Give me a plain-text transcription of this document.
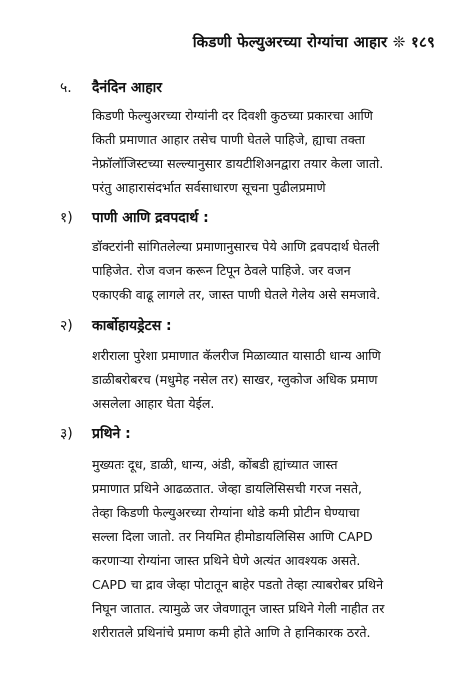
किडणी फेल्युअरच्या रोग्यांचा आहार ❊ १८९
५. दैनंदिन आहार
किडणी फेल्युअरच्या रोग्यांनी दर दिवशी कुठच्या प्रकारचा आणि
किती प्रमाणात आहार तसेच पाणी घेतले पाहिजे, ह्याचा तक्ता
नेफ्रॉलॉजिस्टच्या सल्ल्यानुसार डायटीशिअनद्वारा तयार केला जातो.
परंतु आहारासंदर्भात सर्वसाधारण सूचना पुढीलप्रमाणे
१) पाणी आणि द्रवपदार्थ :
डॉक्टरांनी सांगितलेल्या प्रमाणानुसारच पेये आणि द्रवपदार्थ घेतली
पाहिजेत. रोज वजन करून टिपून ठेवले पाहिजे. जर वजन
एकाएकी वाढू लागले तर, जास्त पाणी घेतले गेलेय असे समजावे.
२) कार्बोहायड्रेटस :
शरीराला पुरेशा प्रमाणात कॅलरीज मिळाव्यात यासाठी धान्य आणि
डाळीबरोबरच (मधुमेह नसेल तर) साखर, ग्लुकोज अधिक प्रमाण
असलेला आहार घेता येईल.
३) प्रथिने :
मुख्यतः दूध, डाळी, धान्य, अंडी, कोंबडी ह्यांच्यात जास्त
प्रमाणात प्रथिने आढळतात. जेव्हा डायलिसिसची गरज नसते,
तेव्हा किडणी फेल्युअरच्या रोग्यांना थोडे कमी प्रोटीन घेण्याचा
सल्ला दिला जातो. तर नियमित हीमोडायलिसिस आणि CAPD
करणाऱ्या रोग्यांना जास्त प्रथिने घेणे अत्यंत आवश्यक असते.
CAPD चा द्राव जेव्हा पोटातून बाहेर पडतो तेव्हा त्याबरोबर प्रथिने
निघून जातात. त्यामुळे जर जेवणातून जास्त प्रथिने गेली नाहीत तर
शरीरातले प्रथिनांचे प्रमाण कमी होते आणि ते हानिकारक ठरते.
